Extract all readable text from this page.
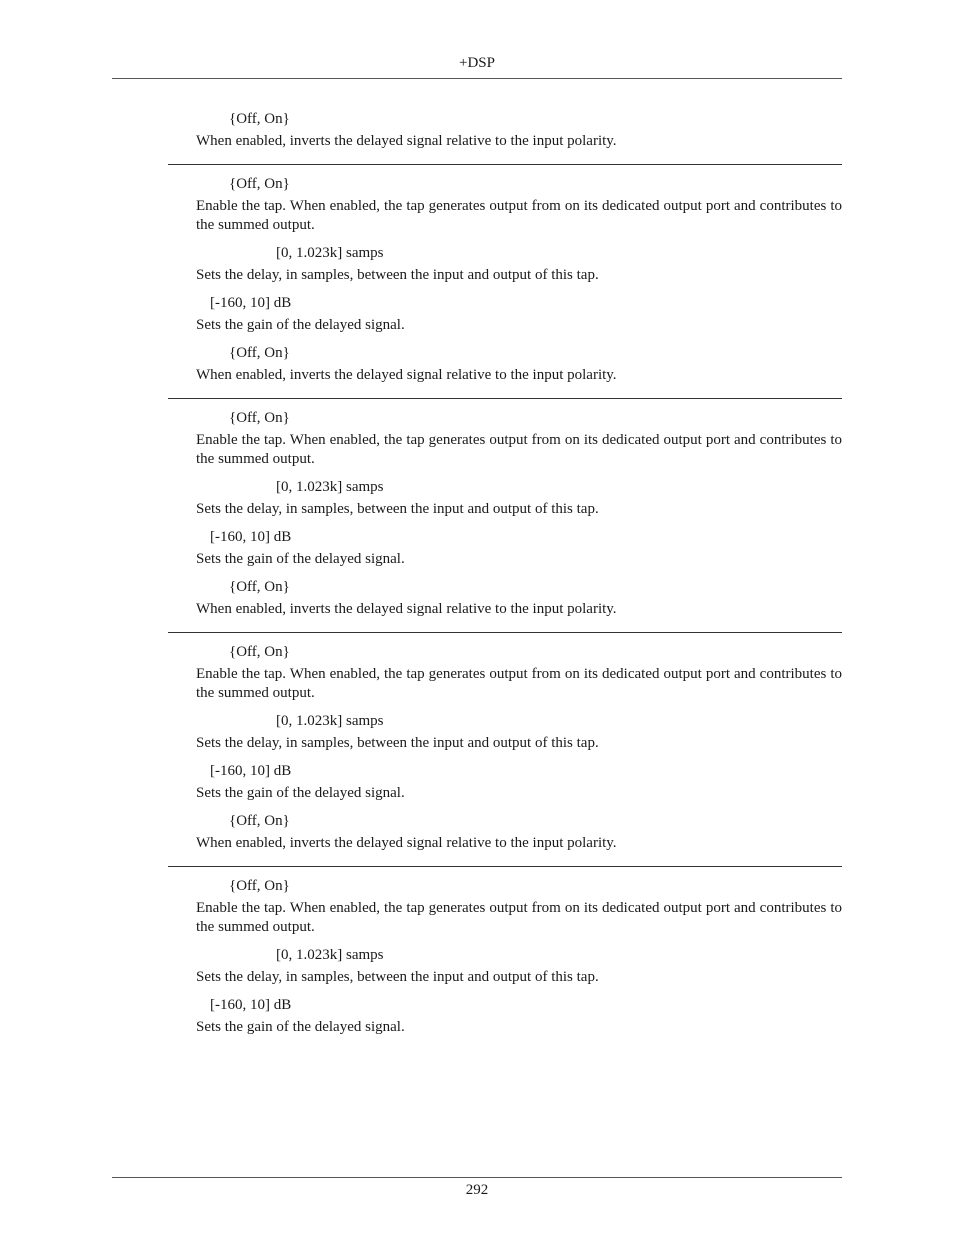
+DSP
{Off, On}
When enabled, inverts the delayed signal relative to the input polarity.
{Off, On}
Enable the tap. When enabled, the tap generates output from on its dedicated output port and contributes to the summed output.
[0, 1.023k] samps
Sets the delay, in samples, between the input and output of this tap.
[-160, 10] dB
Sets the gain of the delayed signal.
{Off, On}
When enabled, inverts the delayed signal relative to the input polarity.
{Off, On}
Enable the tap. When enabled, the tap generates output from on its dedicated output port and contributes to the summed output.
[0, 1.023k] samps
Sets the delay, in samples, between the input and output of this tap.
[-160, 10] dB
Sets the gain of the delayed signal.
{Off, On}
When enabled, inverts the delayed signal relative to the input polarity.
{Off, On}
Enable the tap. When enabled, the tap generates output from on its dedicated output port and contributes to the summed output.
[0, 1.023k] samps
Sets the delay, in samples, between the input and output of this tap.
[-160, 10] dB
Sets the gain of the delayed signal.
{Off, On}
When enabled, inverts the delayed signal relative to the input polarity.
{Off, On}
Enable the tap. When enabled, the tap generates output from on its dedicated output port and contributes to the summed output.
[0, 1.023k] samps
Sets the delay, in samples, between the input and output of this tap.
[-160, 10] dB
Sets the gain of the delayed signal.
292
